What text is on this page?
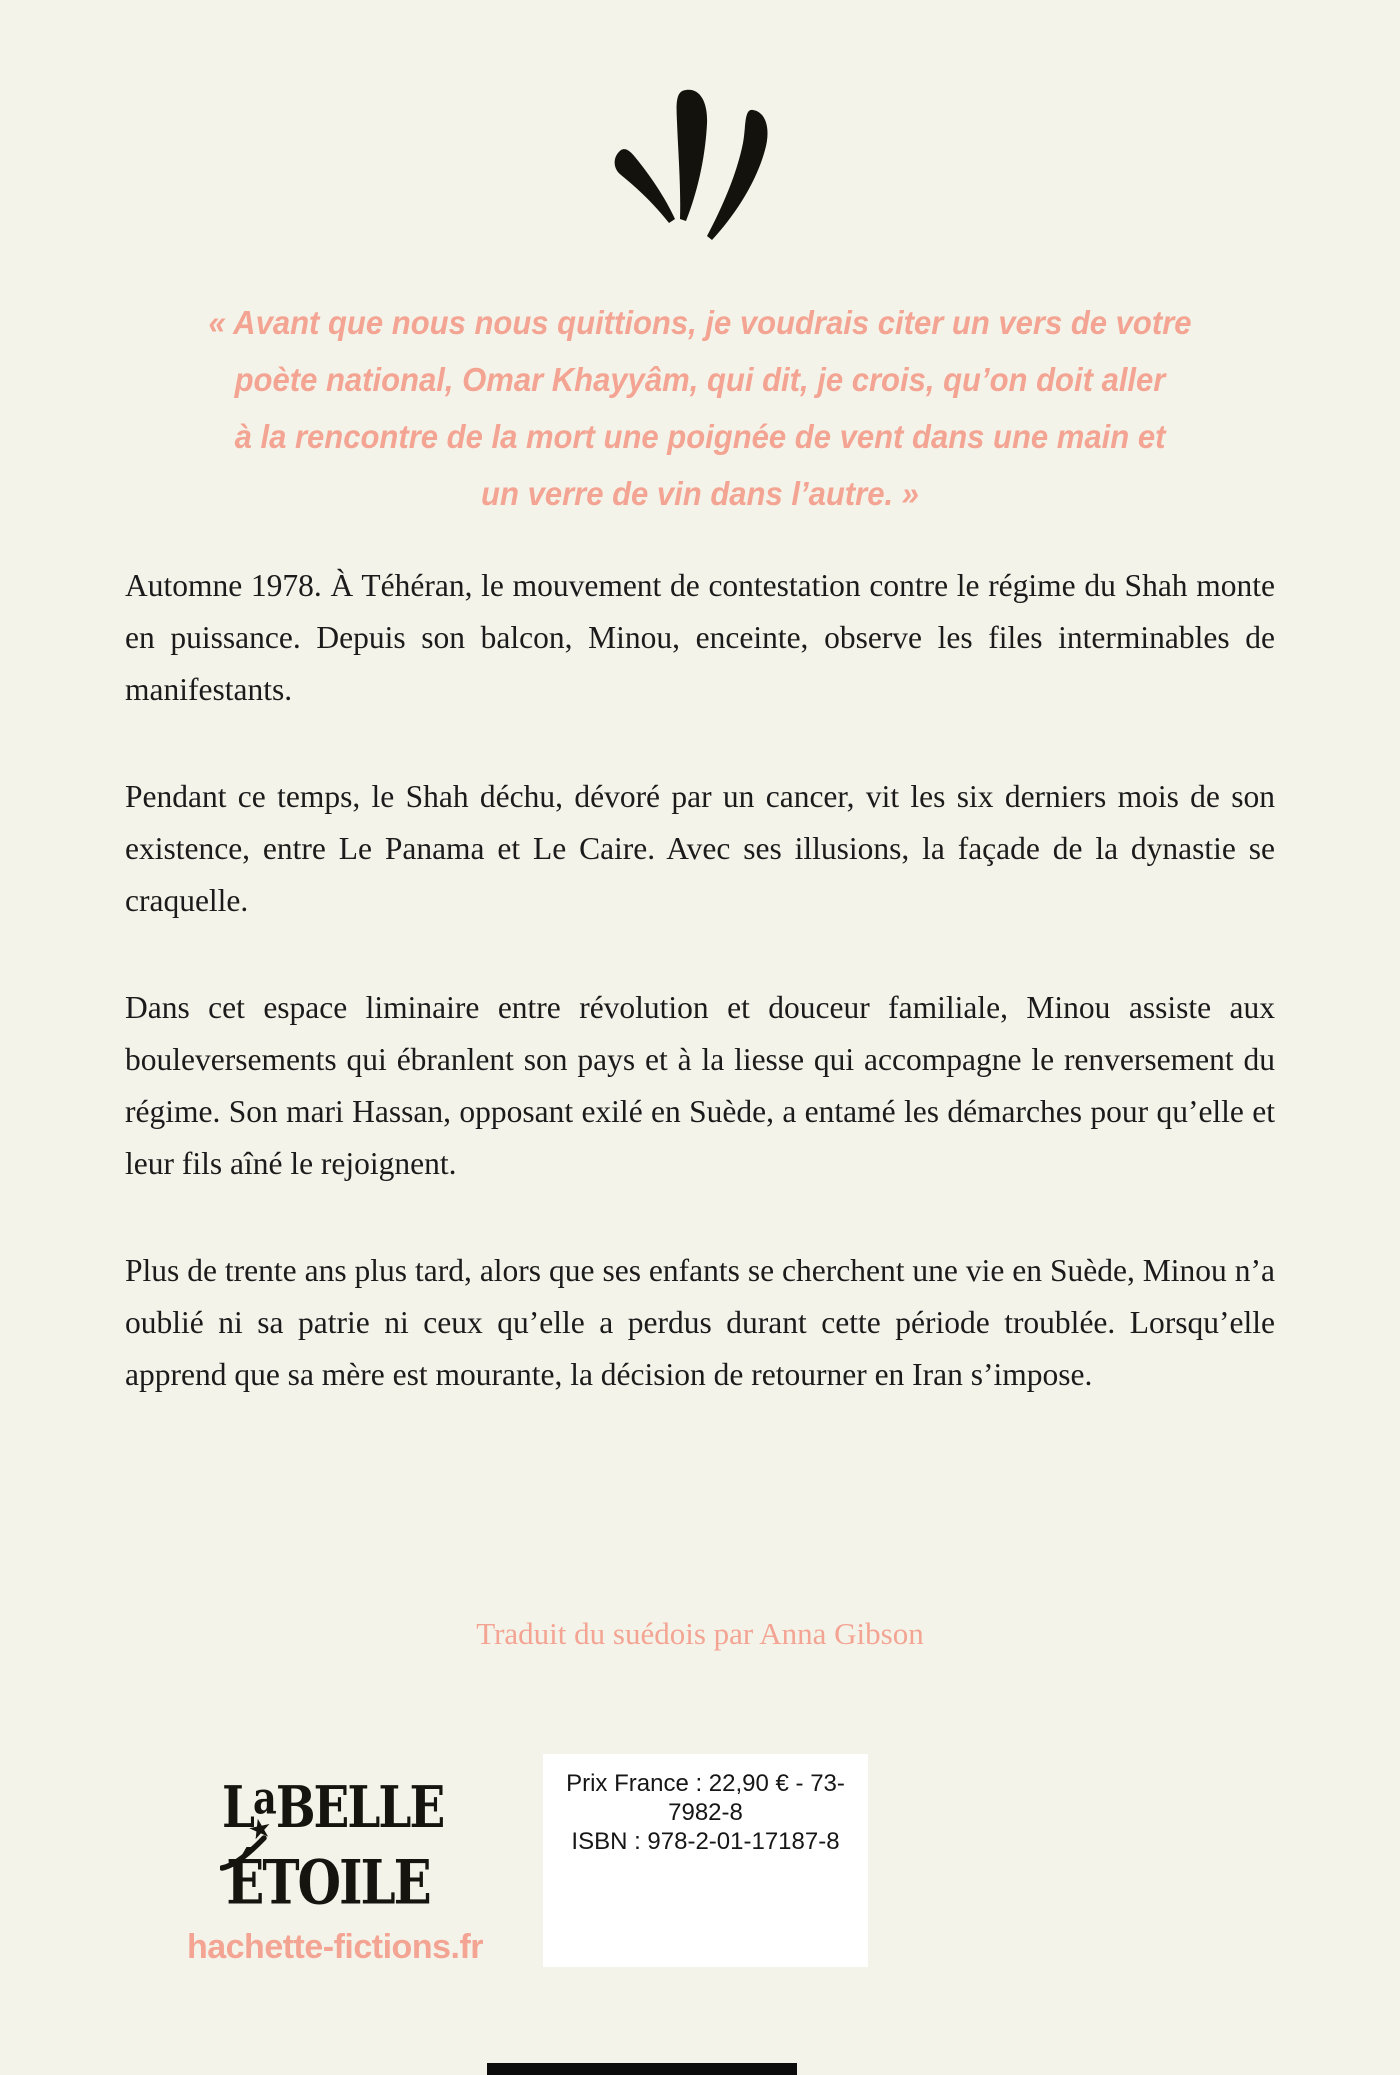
« Avant que nous nous quittions, je voudrais citer un vers de votre
poète national, Omar Khayyâm, qui dit, je crois, qu’on doit aller
à la rencontre de la mort une poignée de vent dans une main et
un verre de vin dans l’autre. »

Automne 1978. À Téhéran, le mouvement de contestation contre le régime du Shah monte en puissance. Depuis son balcon, Minou, enceinte, observe les files interminables de manifestants.

Pendant ce temps, le Shah déchu, dévoré par un cancer, vit les six derniers mois de son existence, entre Le Panama et Le Caire. Avec ses illusions, la façade de la dynastie se craquelle.

Dans cet espace liminaire entre révolution et douceur familiale, Minou assiste aux bouleversements qui ébranlent son pays et à la liesse qui accompagne le renversement du régime. Son mari Hassan, opposant exilé en Suède, a entamé les démarches pour qu’elle et leur fils aîné le rejoignent.

Plus de trente ans plus tard, alors que ses enfants se cherchent une vie en Suède, Minou n’a oublié ni sa patrie ni ceux qu’elle a perdus durant cette période troublée. Lorsqu’elle apprend que sa mère est mourante, la décision de retourner en Iran s’impose.

Traduit du suédois par Anna Gibson
$L^aBELLE$
★
ÉTOILE
hachette-fictions.fr
Prix France : 22,90 € - 73-7982-8
ISBN : 978-2-01-17187-8
